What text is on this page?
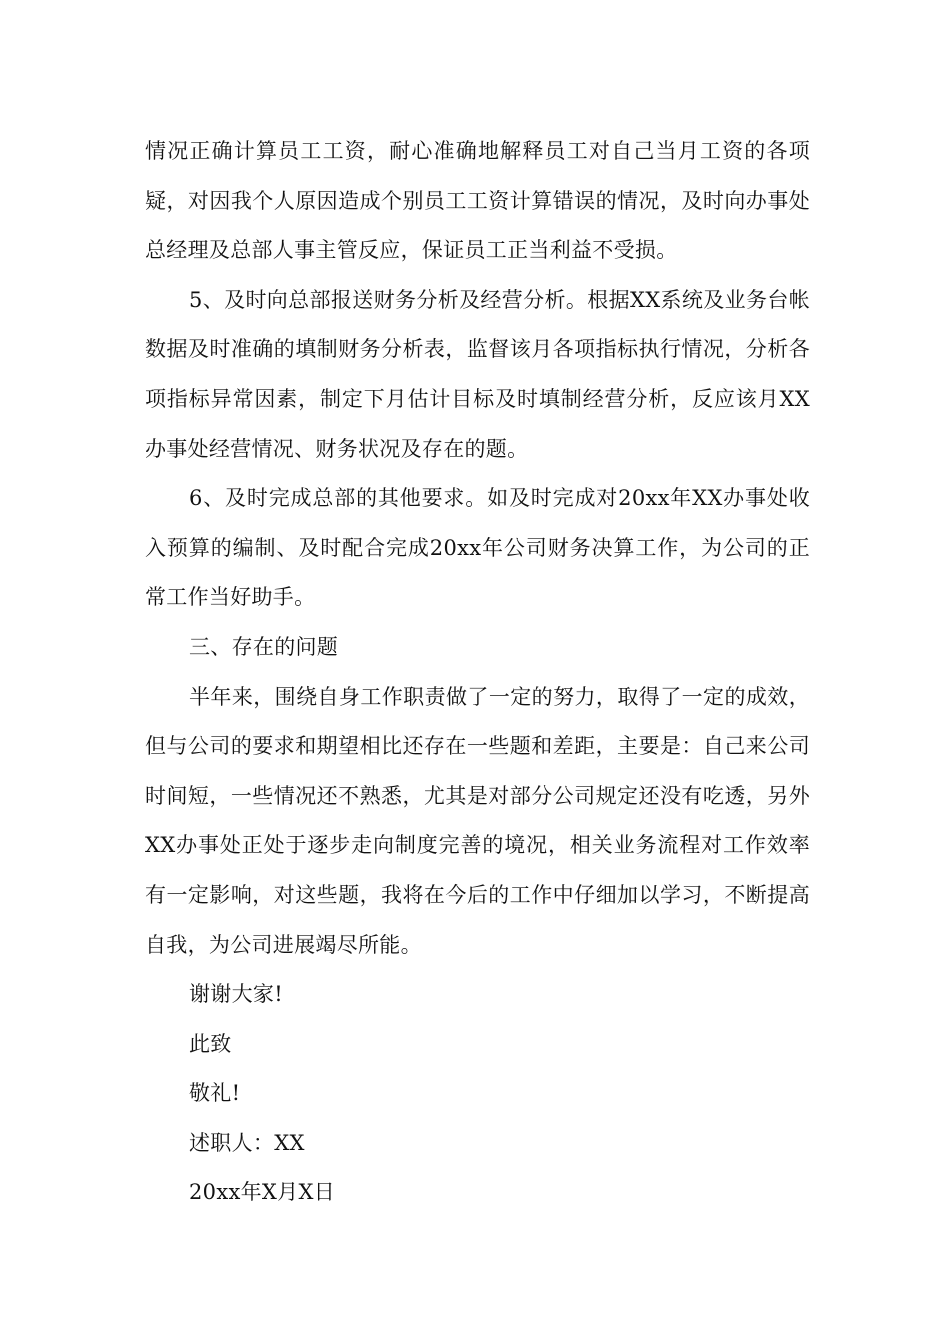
情况正确计算员工工资，耐心准确地解释员工对自己当月工资的各项疑，对因我个人原因造成个别员工工资计算错误的情况，及时向办事处总经理及总部人事主管反应，保证员工正当利益不受损。

5、及时向总部报送财务分析及经营分析。根据XX系统及业务台帐数据及时准确的填制财务分析表，监督该月各项指标执行情况，分析各项指标异常因素，制定下月估计目标及时填制经营分析，反应该月XX办事处经营情况、财务状况及存在的题。

6、及时完成总部的其他要求。如及时完成对20xx年XX办事处收入预算的编制、及时配合完成20xx年公司财务决算工作，为公司的正常工作当好助手。

三、存在的问题

半年来，围绕自身工作职责做了一定的努力，取得了一定的成效，但与公司的要求和期望相比还存在一些题和差距，主要是：自己来公司时间短，一些情况还不熟悉，尤其是对部分公司规定还没有吃透，另外XX办事处正处于逐步走向制度完善的境况，相关业务流程对工作效率有一定影响，对这些题，我将在今后的工作中仔细加以学习，不断提高自我，为公司进展竭尽所能。

谢谢大家!

此致

敬礼!

述职人：XX

20xx年X月X日
